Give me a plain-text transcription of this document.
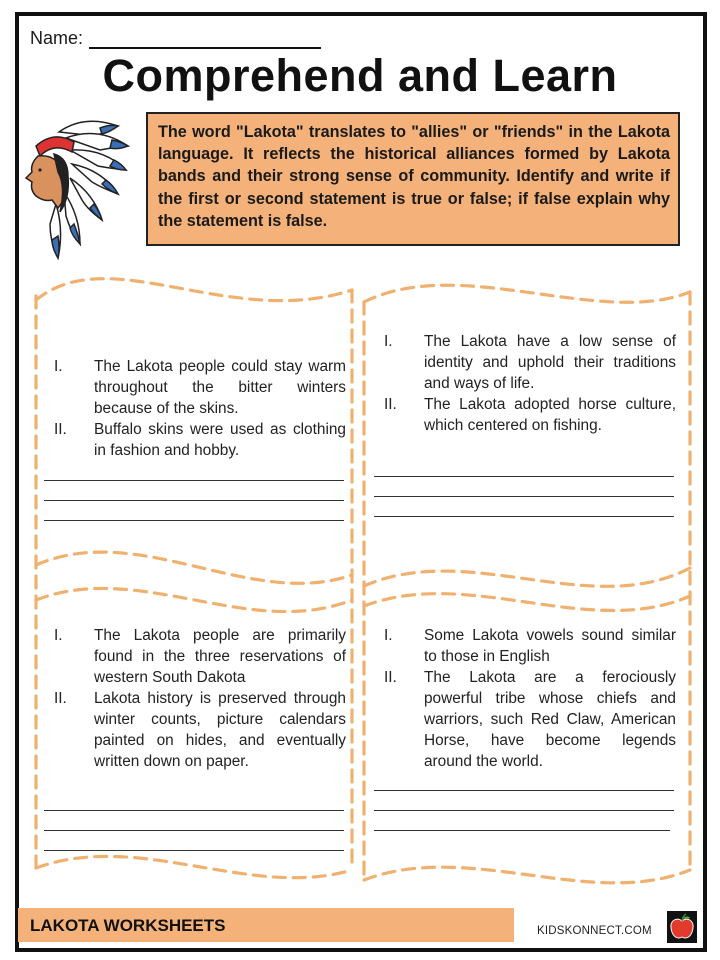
Name:
Comprehend and Learn
The word "Lakota" translates to "allies" or "friends" in the Lakota language. It reflects the historical alliances formed by Lakota bands and their strong sense of community. Identify and write if the first or second statement is true or false; if false explain why the statement is false.
I. The Lakota people could stay warm throughout the bitter winters because of the skins.
II. Buffalo skins were used as clothing in fashion and hobby.
I. The Lakota have a low sense of identity and uphold their traditions and ways of life.
II. The Lakota adopted horse culture, which centered on fishing.
I. The Lakota people are primarily found in the three reservations of western South Dakota
II. Lakota history is preserved through winter counts, picture calendars painted on hides, and eventually written down on paper.
I. Some Lakota vowels sound similar to those in English
II. The Lakota are a ferociously powerful tribe whose chiefs and warriors, such Red Claw, American Horse, have become legends around the world.
LAKOTA WORKSHEETS	KIDSKONNECT.COM
